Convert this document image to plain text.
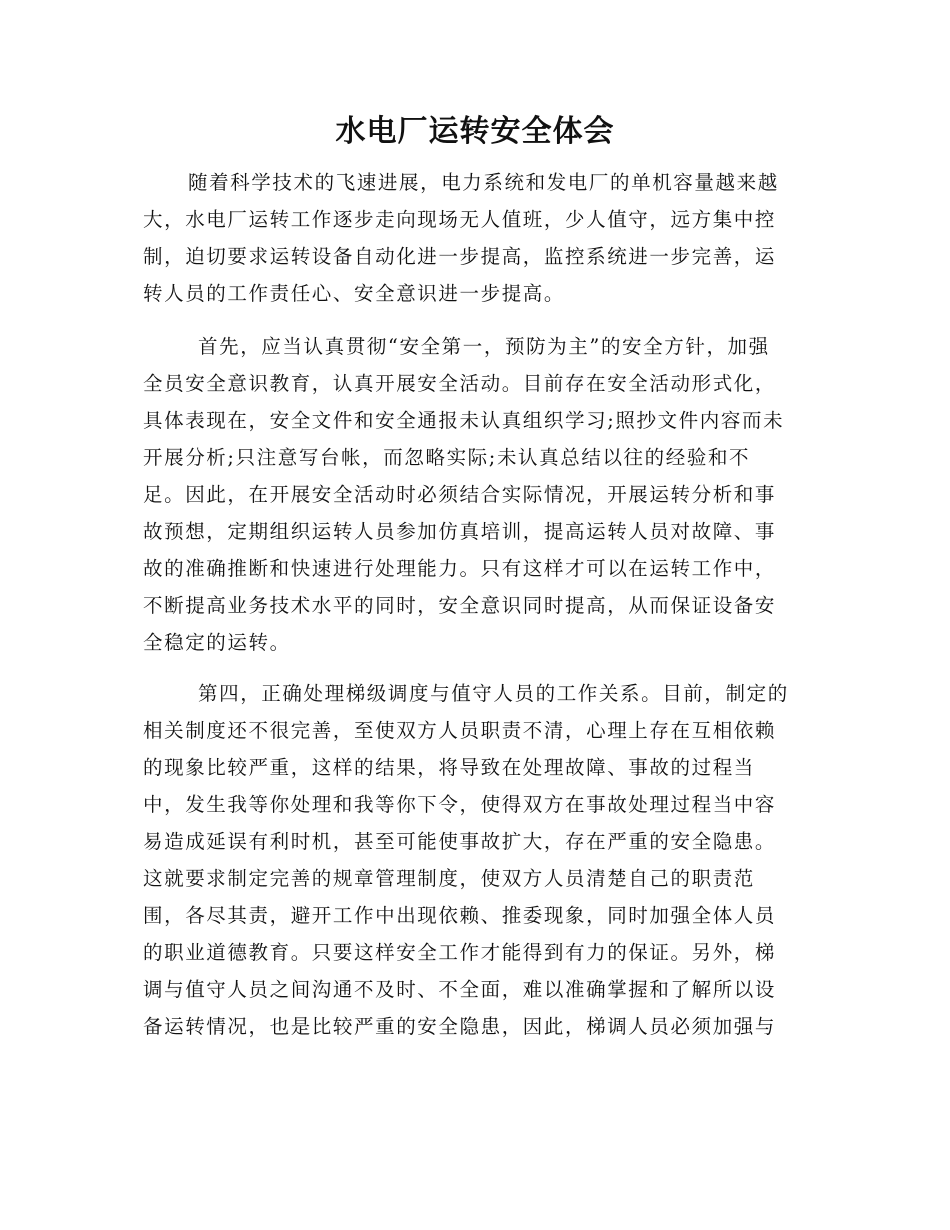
水电厂运转安全体会
随着科学技术的飞速进展，电力系统和发电厂的单机容量越来越
大，水电厂运转工作逐步走向现场无人值班，少人值守，远方集中控
制，迫切要求运转设备自动化进一步提高，监控系统进一步完善，运
转人员的工作责任心、安全意识进一步提高。
首先，应当认真贯彻“安全第一，预防为主”的安全方针，加强
全员安全意识教育，认真开展安全活动。目前存在安全活动形式化，
具体表现在，安全文件和安全通报未认真组织学习;照抄文件内容而未
开展分析;只注意写台帐，而忽略实际;未认真总结以往的经验和不
足。因此，在开展安全活动时必须结合实际情况，开展运转分析和事
故预想，定期组织运转人员参加仿真培训，提高运转人员对故障、事
故的准确推断和快速进行处理能力。只有这样才可以在运转工作中，
不断提高业务技术水平的同时，安全意识同时提高，从而保证设备安
全稳定的运转。
第四，正确处理梯级调度与值守人员的工作关系。目前，制定的
相关制度还不很完善，至使双方人员职责不清，心理上存在互相依赖
的现象比较严重，这样的结果，将导致在处理故障、事故的过程当
中，发生我等你处理和我等你下令，使得双方在事故处理过程当中容
易造成延误有利时机，甚至可能使事故扩大，存在严重的安全隐患。
这就要求制定完善的规章管理制度，使双方人员清楚自己的职责范
围，各尽其责，避开工作中出现依赖、推委现象，同时加强全体人员
的职业道德教育。只要这样安全工作才能得到有力的保证。另外，梯
调与值守人员之间沟通不及时、不全面，难以准确掌握和了解所以设
备运转情况，也是比较严重的安全隐患，因此，梯调人员必须加强与
